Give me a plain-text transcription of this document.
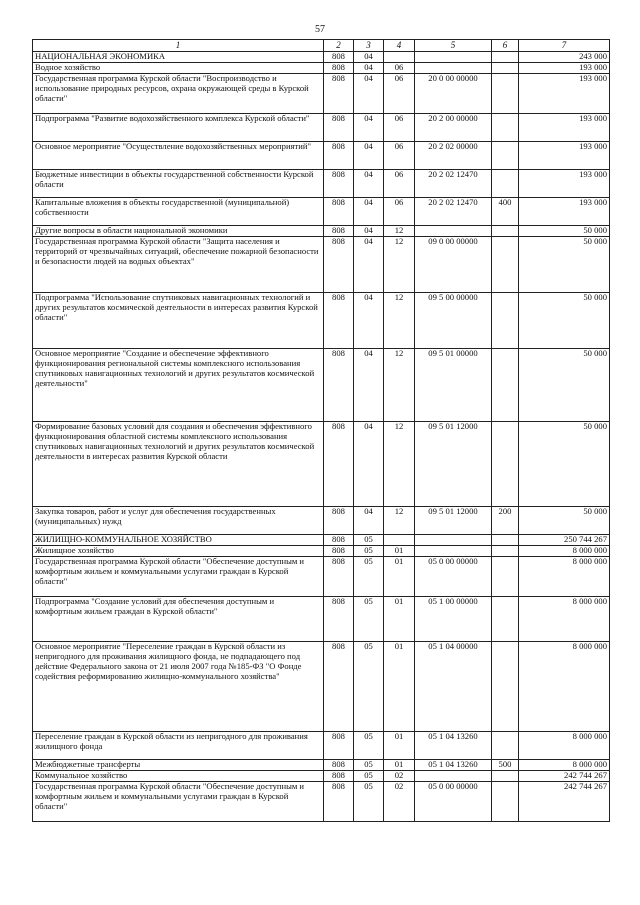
57
1	2	3	4	5	6	7
НАЦИОНАЛЬНАЯ ЭКОНОМИКА	808	04				243 000
Водное хозяйство	808	04	06			193 000
Государственная программа Курской области "Воспроизводство и использование природных ресурсов, охрана окружающей среды в Курской области"	808	04	06	20 0 00 00000		193 000
Подпрограмма "Развитие водохозяйственного комплекса Курской области"	808	04	06	20 2 00 00000		193 000
Основное мероприятие "Осуществление водохозяйственных мероприятий"	808	04	06	20 2 02 00000		193 000
Бюджетные инвестиции в объекты государственной собственности Курской области	808	04	06	20 2 02 12470		193 000
Капитальные вложения в объекты государственной (муниципальной) собственности	808	04	06	20 2 02 12470	400	193 000
Другие вопросы в области национальной экономики	808	04	12			50 000
Государственная программа Курской области "Защита населения и территорий от чрезвычайных ситуаций, обеспечение пожарной безопасности и безопасности людей на водных объектах"	808	04	12	09 0 00 00000		50 000
Подпрограмма "Использование спутниковых навигационных технологий и других результатов космической деятельности в интересах развития Курской области"	808	04	12	09 5 00 00000		50 000
Основное мероприятие "Создание и обеспечение эффективного функционирования региональной системы комплексного использования спутниковых навигационных технологий и других результатов космической деятельности"	808	04	12	09 5 01 00000		50 000
Формирование базовых условий для создания и обеспечения эффективного функционирования областной системы комплексного использования спутниковых навигационных технологий и других результатов космической деятельности в интересах развития Курской области	808	04	12	09 5 01 12000		50 000
Закупка товаров, работ и услуг для обеспечения государственных (муниципальных) нужд	808	04	12	09 5 01 12000	200	50 000
ЖИЛИЩНО-КОММУНАЛЬНОЕ ХОЗЯЙСТВО	808	05				250 744 267
Жилищное хозяйство	808	05	01			8 000 000
Государственная программа Курской области "Обеспечение доступным и комфортным жильем и коммунальными услугами граждан в Курской области"	808	05	01	05 0 00 00000		8 000 000
Подпрограмма "Создание условий для обеспечения доступным и комфортным жильем граждан в Курской области"	808	05	01	05 1 00 00000		8 000 000
Основное мероприятие "Переселение граждан в Курской области из непригодного для проживания жилищного фонда, не подпадающего под действие Федерального закона от 21 июля 2007 года №185-ФЗ "О Фонде содействия реформированию жилищно-коммунального хозяйства"	808	05	01	05 1 04 00000		8 000 000
Переселение граждан в Курской области из непригодного для проживания жилищного фонда	808	05	01	05 1 04 13260		8 000 000
Межбюджетные трансферты	808	05	01	05 1 04 13260	500	8 000 000
Коммунальное хозяйство	808	05	02			242 744 267
Государственная программа Курской области "Обеспечение доступным и комфортным жильем и коммунальными услугами граждан в Курской области"	808	05	02	05 0 00 00000		242 744 267
